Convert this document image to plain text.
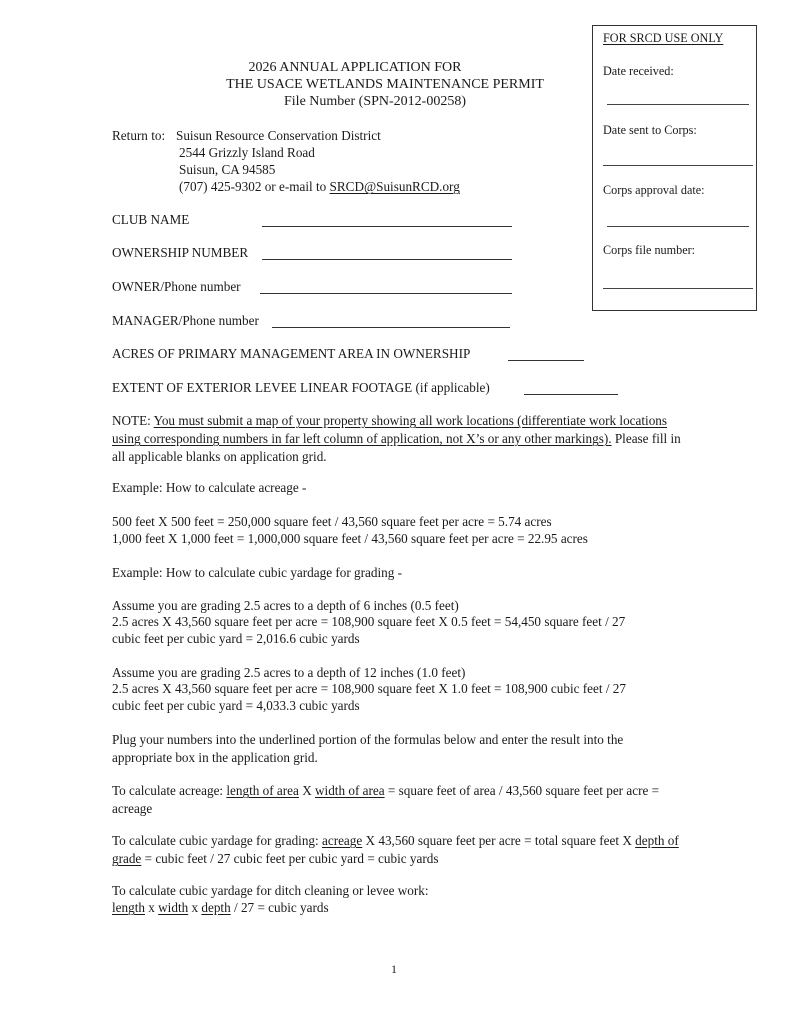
FOR SRCD USE ONLY
Date received:
Date sent to Corps:
Corps approval date:
Corps file number:
2026 ANNUAL APPLICATION FOR
THE USACE WETLANDS MAINTENANCE PERMIT
File Number (SPN-2012-00258)
Return to: Suisun Resource Conservation District
2544 Grizzly Island Road
Suisun, CA 94585
(707) 425-9302 or e-mail to SRCD@SuisunRCD.org
CLUB NAME
OWNERSHIP NUMBER
OWNER/Phone number
MANAGER/Phone number
ACRES OF PRIMARY MANAGEMENT AREA IN OWNERSHIP
EXTENT OF EXTERIOR LEVEE LINEAR FOOTAGE (if applicable)
NOTE: You must submit a map of your property showing all work locations (differentiate work locations using corresponding numbers in far left column of application, not X’s or any other markings). Please fill in all applicable blanks on application grid.
Example: How to calculate acreage -
500 feet X 500 feet = 250,000 square feet / 43,560 square feet per acre = 5.74 acres
1,000 feet X 1,000 feet = 1,000,000 square feet / 43,560 square feet per acre = 22.95 acres
Example: How to calculate cubic yardage for grading -
Assume you are grading 2.5 acres to a depth of 6 inches (0.5 feet)
2.5 acres X 43,560 square feet per acre = 108,900 square feet X 0.5 feet = 54,450 square feet / 27
cubic feet per cubic yard = 2,016.6 cubic yards
Assume you are grading 2.5 acres to a depth of 12 inches (1.0 feet)
2.5 acres X 43,560 square feet per acre = 108,900 square feet X 1.0 feet = 108,900 cubic feet / 27
cubic feet per cubic yard = 4,033.3 cubic yards
Plug your numbers into the underlined portion of the formulas below and enter the result into the appropriate box in the application grid.
To calculate acreage: length of area X width of area = square feet of area / 43,560 square feet per acre = acreage
To calculate cubic yardage for grading: acreage X 43,560 square feet per acre = total square feet X depth of grade = cubic feet / 27 cubic feet per cubic yard = cubic yards
To calculate cubic yardage for ditch cleaning or levee work:
length x width x depth / 27 = cubic yards
1
